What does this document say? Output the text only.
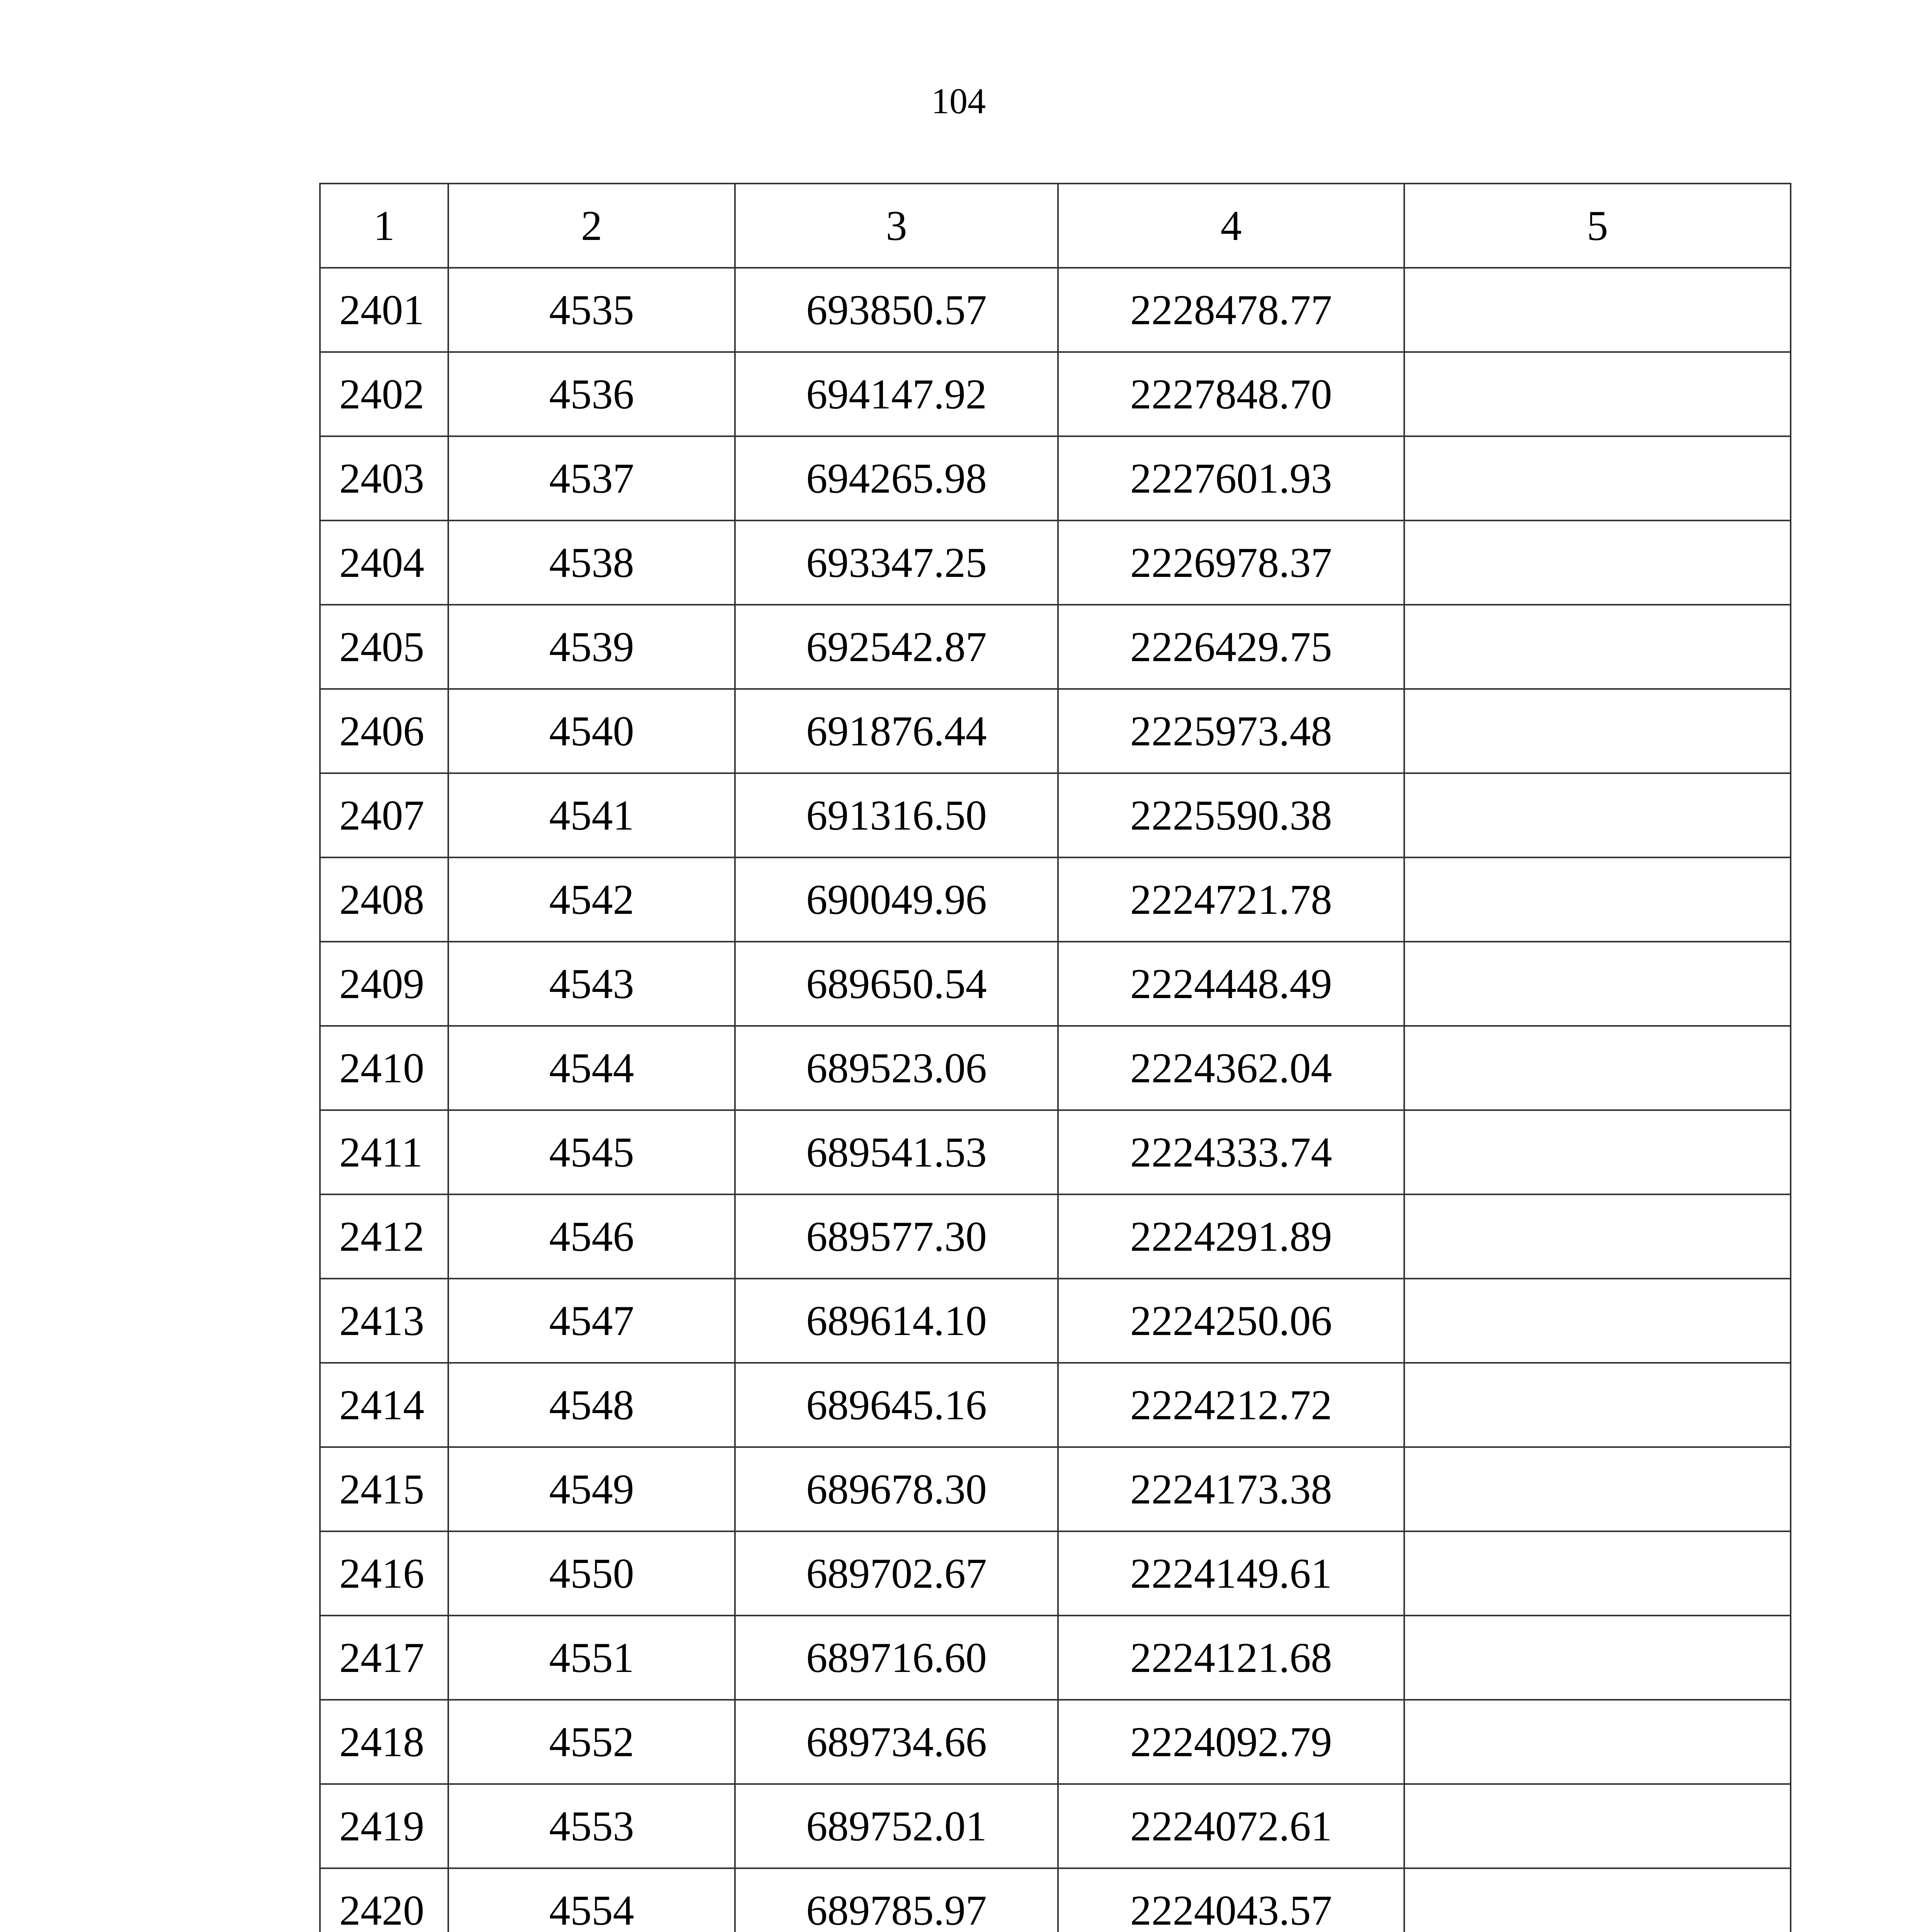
104
1	2	3	4	5
2401	4535	693850.57	2228478.77	
2402	4536	694147.92	2227848.70	
2403	4537	694265.98	2227601.93	
2404	4538	693347.25	2226978.37	
2405	4539	692542.87	2226429.75	
2406	4540	691876.44	2225973.48	
2407	4541	691316.50	2225590.38	
2408	4542	690049.96	2224721.78	
2409	4543	689650.54	2224448.49	
2410	4544	689523.06	2224362.04	
2411	4545	689541.53	2224333.74	
2412	4546	689577.30	2224291.89	
2413	4547	689614.10	2224250.06	
2414	4548	689645.16	2224212.72	
2415	4549	689678.30	2224173.38	
2416	4550	689702.67	2224149.61	
2417	4551	689716.60	2224121.68	
2418	4552	689734.66	2224092.79	
2419	4553	689752.01	2224072.61	
2420	4554	689785.97	2224043.57	
